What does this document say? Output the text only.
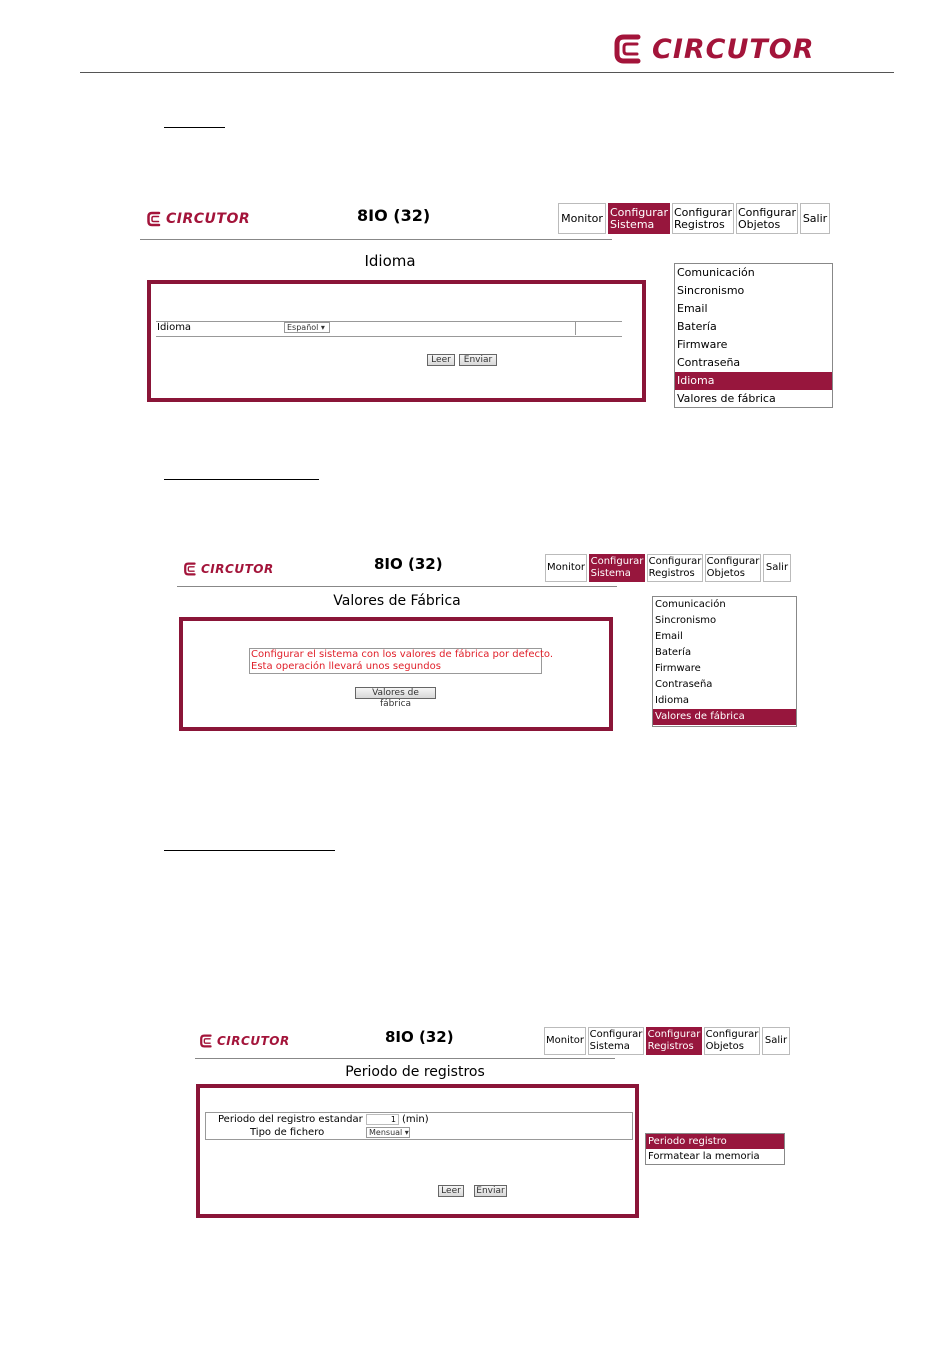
CIRCUTOR
CIRCUTOR	8IO (32)	Monitor Configurar Sistema
Configurar Registros
Configurar Objetos	Salir
Idioma
Idioma	Español ▾
Leer	Enviar
Comunicación
Sincronismo
Email
Batería
Firmware
Contraseña
Idioma
Valores de fábrica
CIRCUTOR	8IO (32)	Monitor
Configurar Sistema
Configurar Registros
Configurar Objetos
Salir
Valores de Fábrica
Configurar el sistema con los valores de fábrica por defecto.
Esta operación llevará unos segundos
Valores de fábrica
Comunicación
Sincronismo
Email
Batería
Firmware
Contraseña
Idioma
Valores de fábrica
CIRCUTOR	8IO (32)	Monitor
Configurar Sistema
Configurar Registros
Configurar Objetos
Salir
Periodo de registros
Periodo del registro estandar	1 (min)
Tipo de fichero	Mensual ▾
Leer	Enviar
Periodo registro
Formatear la memoria
